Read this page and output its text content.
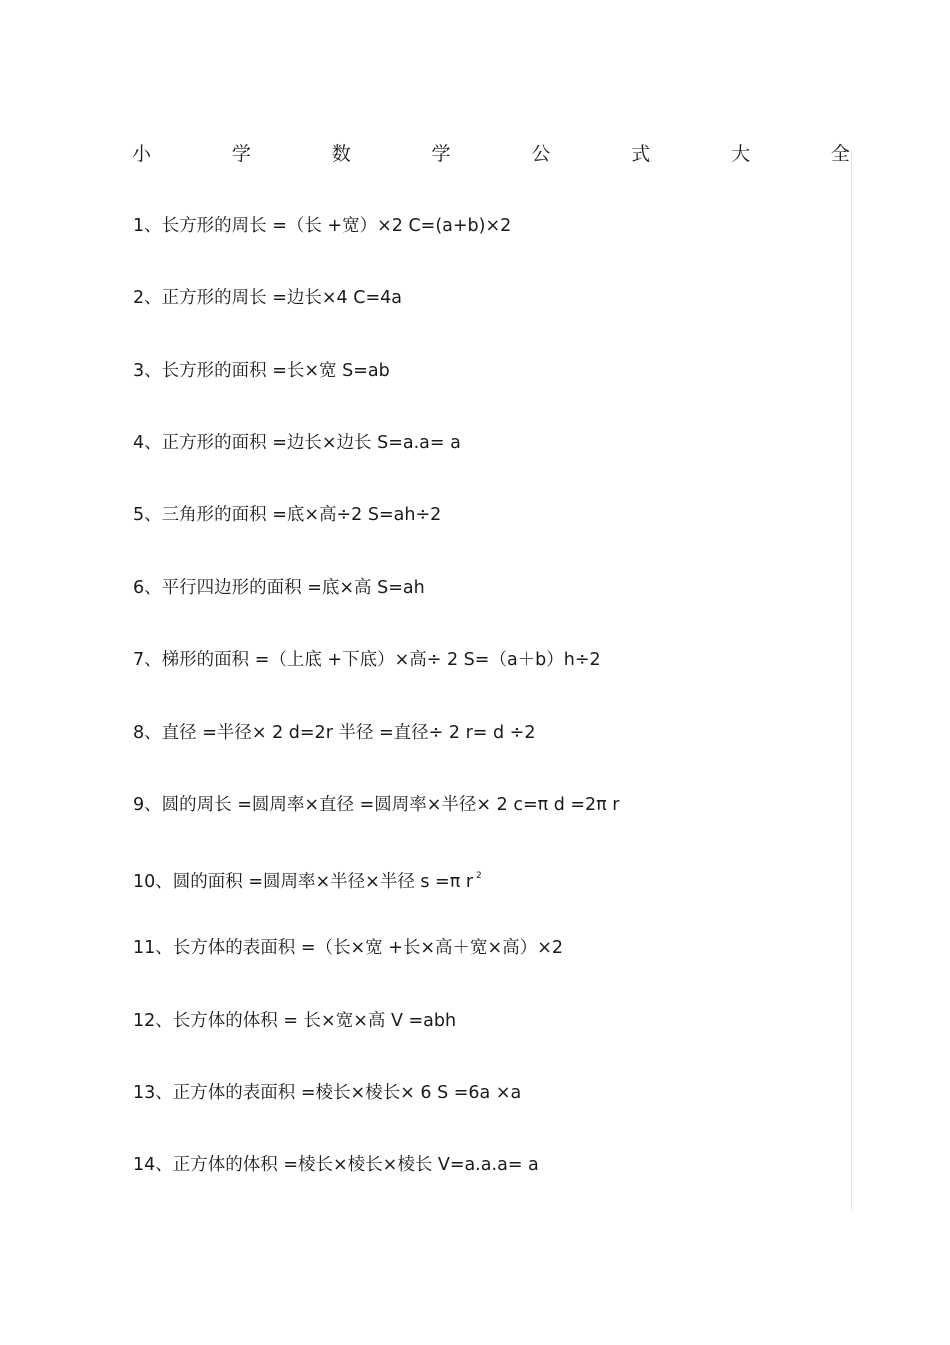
小	学	数	学	公	式	大	全
1、长方形的周长 =（长 +宽）×2 C=(a+b)×2
2、正方形的周长 =边长×4 C=4a
3、长方形的面积 =长×宽 S=ab
4、正方形的面积 =边长×边长 S=a.a= a
5、三角形的面积 =底×高÷2 S=ah÷2
6、平行四边形的面积 =底×高 S=ah
7、梯形的面积 =（上底 +下底）×高÷ 2 S=（a＋b）h÷2
8、直径 =半径× 2 d=2r 半径 =直径÷ 2 r= d ÷2
9、圆的周长 =圆周率×直径 =圆周率×半径× 2 c=π d =2π r
10、圆的面积 =圆周率×半径×半径 s =π r $^2$
11、长方体的表面积 =（长×宽 +长×高＋宽×高）×2
12、长方体的体积 = 长×宽×高 V =abh
13、正方体的表面积 =棱长×棱长× 6 S =6a ×a
14、正方体的体积 =棱长×棱长×棱长 V=a.a.a= a
